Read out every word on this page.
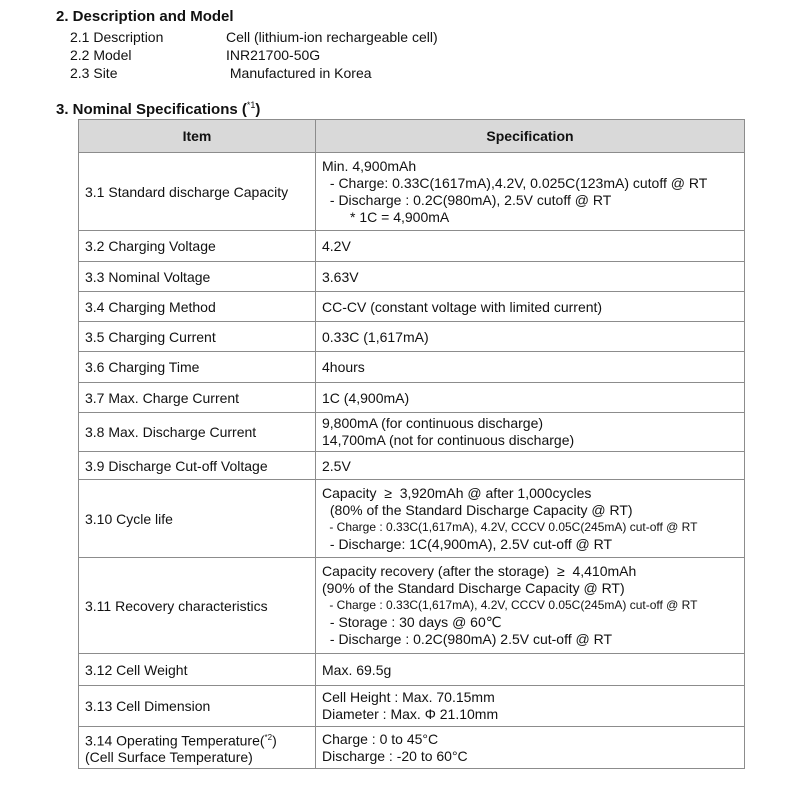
2. Description and Model
2.1 Description	Cell (lithium-ion rechargeable cell)
2.2 Model	INR21700-50G
2.3 Site	Manufactured in Korea
3. Nominal Specifications ($^{*1}$)
Item	Specification
3.1 Standard discharge Capacity	Min. 4,900mAh
- Charge: 0.33C(1617mA),4.2V, 0.025C(123mA) cutoff @ RT
- Discharge : 0.2C(980mA), 2.5V cutoff @ RT
* 1C = 4,900mA

3.2 Charging Voltage	4.2V
3.3 Nominal Voltage	3.63V
3.4 Charging Method	CC-CV (constant voltage with limited current)
3.5 Charging Current	0.33C (1,617mA)
3.6 Charging Time	4hours
3.7 Max. Charge Current	1C (4,900mA)
3.8 Max. Discharge Current	9,800mA (for continuous discharge)
14,700mA (not for continuous discharge)

3.9 Discharge Cut-off Voltage	2.5V
3.10 Cycle life	Capacity  ≥  3,920mAh @ after 1,000cycles
(80% of the Standard Discharge Capacity @ RT)
- Charge : 0.33C(1,617mA), 4.2V, CCCV 0.05C(245mA) cut-off @ RT
- Discharge: 1C(4,900mA), 2.5V cut-off @ RT

3.11 Recovery characteristics	Capacity recovery (after the storage)  ≥  4,410mAh
(90% of the Standard Discharge Capacity @ RT)
- Charge : 0.33C(1,617mA), 4.2V, CCCV 0.05C(245mA) cut-off @ RT
- Storage : 30 days @ 60℃
- Discharge : 0.2C(980mA) 2.5V cut-off @ RT

3.12 Cell Weight	Max. 69.5g
3.13 Cell Dimension	Cell Height : Max. 70.15mm
Diameter : Max. Φ 21.10mm

3.14 Operating Temperature($^{*2}$)
(Cell Surface Temperature)	Charge : 0 to 45°C
Discharge : -20 to 60°C
